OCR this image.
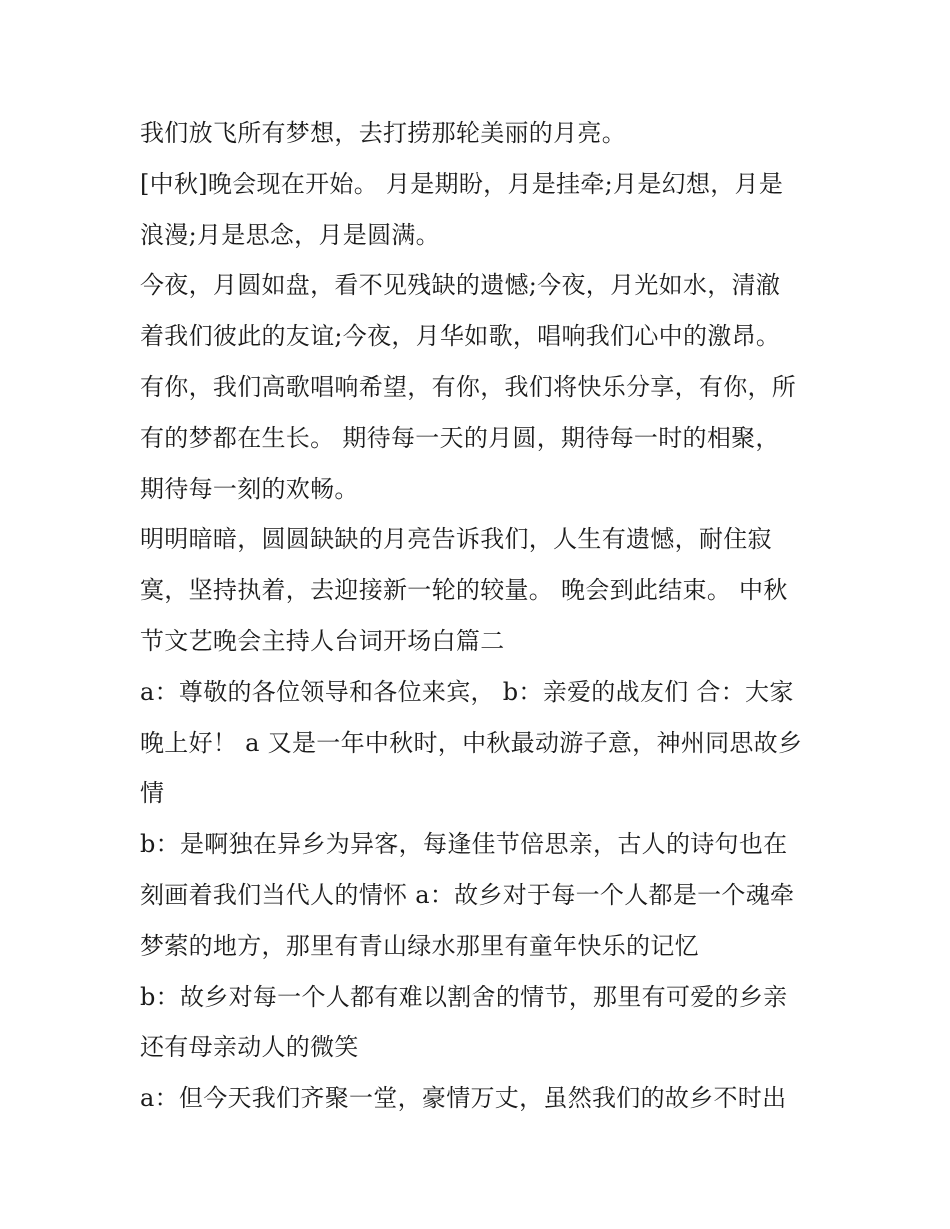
我们放飞所有梦想，去打捞那轮美丽的月亮。
[中秋]晚会现在开始。 月是期盼，月是挂牵;月是幻想，月是
浪漫;月是思念，月是圆满。
今夜，月圆如盘，看不见残缺的遗憾;今夜，月光如水，清澈
着我们彼此的友谊;今夜，月华如歌，唱响我们心中的激昂。
有你，我们高歌唱响希望，有你，我们将快乐分享，有你，所
有的梦都在生长。 期待每一天的月圆，期待每一时的相聚，
期待每一刻的欢畅。
明明暗暗，圆圆缺缺的月亮告诉我们，人生有遗憾，耐住寂
寞，坚持执着，去迎接新一轮的较量。 晚会到此结束。 中秋
节文艺晚会主持人台词开场白篇二
a：尊敬的各位领导和各位来宾， b：亲爱的战友们 合：大家
晚上好！ a 又是一年中秋时，中秋最动游子意，神州同思故乡
情
b：是啊独在异乡为异客，每逢佳节倍思亲，古人的诗句也在
刻画着我们当代人的情怀 a：故乡对于每一个人都是一个魂牵
梦萦的地方，那里有青山绿水那里有童年快乐的记忆
b：故乡对每一个人都有难以割舍的情节，那里有可爱的乡亲
还有母亲动人的微笑
a：但今天我们齐聚一堂，豪情万丈，虽然我们的故乡不时出
